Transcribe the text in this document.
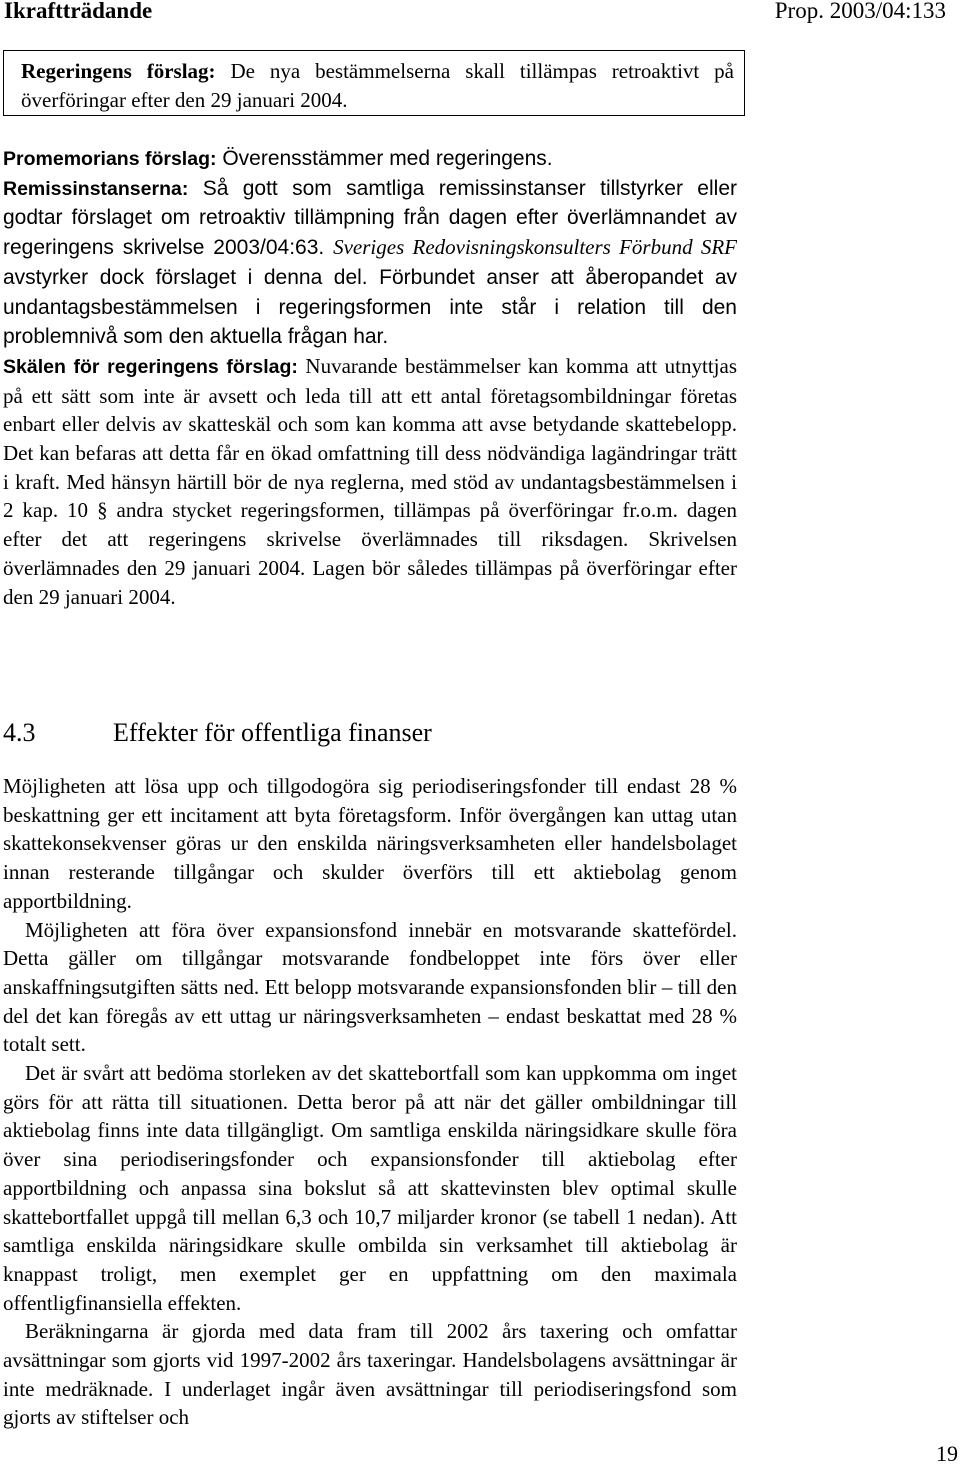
Ikraftträdande	Prop. 2003/04:133
Regeringens förslag: De nya bestämmelserna skall tillämpas retroaktivt på överföringar efter den 29 januari 2004.

Promemorians förslag: Överensstämmer med regeringens.

Remissinstanserna: Så gott som samtliga remissinstanser tillstyrker eller godtar förslaget om retroaktiv tillämpning från dagen efter överlämnandet av regeringens skrivelse 2003/04:63. Sveriges Redovisningskonsulters Förbund SRF avstyrker dock förslaget i denna del. Förbundet anser att åberopandet av undantagsbestämmelsen i regeringsformen inte står i relation till den problemnivå som den aktuella frågan har.

Skälen för regeringens förslag: Nuvarande bestämmelser kan komma att utnyttjas på ett sätt som inte är avsett och leda till att ett antal företagsombildningar företas enbart eller delvis av skatteskäl och som kan komma att avse betydande skattebelopp. Det kan befaras att detta får en ökad omfattning till dess nödvändiga lagändringar trätt i kraft. Med hänsyn härtill bör de nya reglerna, med stöd av undantagsbestämmelsen i 2 kap. 10 § andra stycket regeringsformen, tillämpas på överföringar fr.o.m. dagen efter det att regeringens skrivelse överlämnades till riksdagen. Skrivelsen överlämnades den 29 januari 2004. Lagen bör således tillämpas på överföringar efter den 29 januari 2004.

4.3	Effekter för offentliga finanser

Möjligheten att lösa upp och tillgodogöra sig periodiseringsfonder till endast 28 % beskattning ger ett incitament att byta företagsform. Inför övergången kan uttag utan skattekonsekvenser göras ur den enskilda näringsverksamheten eller handelsbolaget innan resterande tillgångar och skulder överförs till ett aktiebolag genom apportbildning.

Möjligheten att föra över expansionsfond innebär en motsvarande skattefördel. Detta gäller om tillgångar motsvarande fondbeloppet inte förs över eller anskaffningsutgiften sätts ned. Ett belopp motsvarande expansionsfonden blir – till den del det kan föregås av ett uttag ur näringsverksamheten – endast beskattat med 28 % totalt sett.

Det är svårt att bedöma storleken av det skattebortfall som kan uppkomma om inget görs för att rätta till situationen. Detta beror på att när det gäller ombildningar till aktiebolag finns inte data tillgängligt. Om samtliga enskilda näringsidkare skulle föra över sina periodiseringsfonder och expansionsfonder till aktiebolag efter apportbildning och anpassa sina bokslut så att skattevinsten blev optimal skulle skattebortfallet uppgå till mellan 6,3 och 10,7 miljarder kronor (se tabell 1 nedan). Att samtliga enskilda näringsidkare skulle ombilda sin verksamhet till aktiebolag är knappast troligt, men exemplet ger en uppfattning om den maximala offentligfinansiella effekten.

Beräkningarna är gjorda med data fram till 2002 års taxering och omfattar avsättningar som gjorts vid 1997-2002 års taxeringar. Handelsbolagens avsättningar är inte medräknade. I underlaget ingår även avsättningar till periodiseringsfond som gjorts av stiftelser och

19
